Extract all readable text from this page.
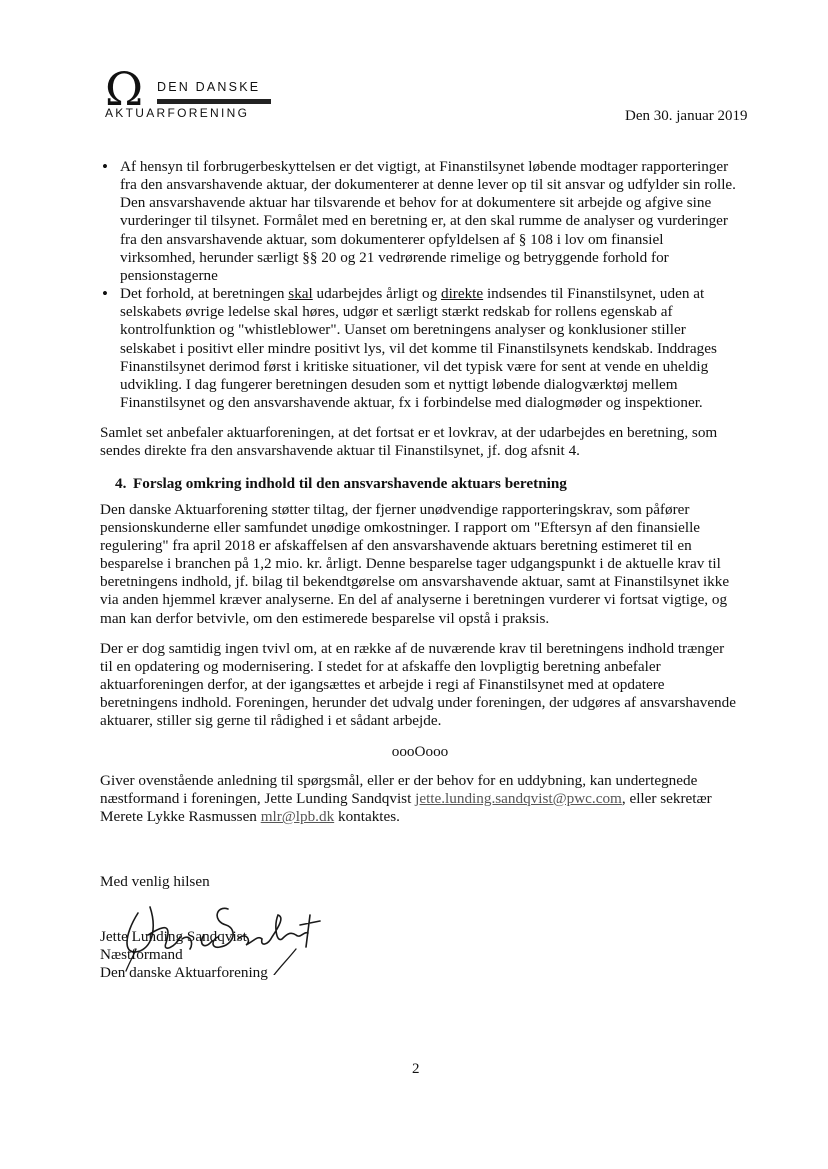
Ω DEN DANSKE
AKTUARFORENING	Den 30. januar 2019
• Af hensyn til forbrugerbeskyttelsen er det vigtigt, at Finanstilsynet løbende modtager rapporteringer fra den ansvarshavende aktuar, der dokumenterer at denne lever op til sit ansvar og udfylder sin rolle. Den ansvarshavende aktuar har tilsvarende et behov for at dokumentere sit arbejde og afgive sine vurderinger til tilsynet. Formålet med en beretning er, at den skal rumme de analyser og vurderinger fra den ansvarshavende aktuar, som dokumenterer opfyldelsen af § 108 i lov om finansiel virksomhed, herunder særligt §§ 20 og 21 vedrørende rimelige og betryggende forhold for pensionstagerne
• Det forhold, at beretningen skal udarbejdes årligt og direkte indsendes til Finanstilsynet, uden at selskabets øvrige ledelse skal høres, udgør et særligt stærkt redskab for rollens egenskab af kontrolfunktion og "whistleblower". Uanset om beretningens analyser og konklusioner stiller selskabet i positivt eller mindre positivt lys, vil det komme til Finanstilsynets kendskab. Inddrages Finanstilsynet derimod først i kritiske situationer, vil det typisk være for sent at vende en uheldig udvikling. I dag fungerer beretningen desuden som et nyttigt løbende dialogværktøj mellem Finanstilsynet og den ansvarshavende aktuar, fx i forbindelse med dialogmøder og inspektioner.

Samlet set anbefaler aktuarforeningen, at det fortsat er et lovkrav, at der udarbejdes en beretning, som sendes direkte fra den ansvarshavende aktuar til Finanstilsynet, jf. dog afsnit 4.

4. Forslag omkring indhold til den ansvarshavende aktuars beretning

Den danske Aktuarforening støtter tiltag, der fjerner unødvendige rapporteringskrav, som påfører pensionskunderne eller samfundet unødige omkostninger. I rapport om "Eftersyn af den finansielle regulering" fra april 2018 er afskaffelsen af den ansvarshavende aktuars beretning estimeret til en besparelse i branchen på 1,2 mio. kr. årligt. Denne besparelse tager udgangspunkt i de aktuelle krav til beretningens indhold, jf. bilag til bekendtgørelse om ansvarshavende aktuar, samt at Finanstilsynet ikke via anden hjemmel kræver analyserne. En del af analyserne i beretningen vurderer vi fortsat vigtige, og man kan derfor betvivle, om den estimerede besparelse vil opstå i praksis.

Der er dog samtidig ingen tvivl om, at en række af de nuværende krav til beretningens indhold trænger til en opdatering og modernisering. I stedet for at afskaffe den lovpligtig beretning anbefaler aktuarforeningen derfor, at der igangsættes et arbejde i regi af Finanstilsynet med at opdatere beretningens indhold. Foreningen, herunder det udvalg under foreningen, der udgøres af ansvarshavende aktuarer, stiller sig gerne til rådighed i et sådant arbejde.

oooOooo

Giver ovenstående anledning til spørgsmål, eller er der behov for en uddybning, kan undertegnede næstformand i foreningen, Jette Lunding Sandqvist jette.lunding.sandqvist@pwc.com, eller sekretær Merete Lykke Rasmussen mlr@lpb.dk kontaktes.

Med venlig hilsen
Jette Lunding Sandqvist
Næstformand
Den danske Aktuarforening
2
